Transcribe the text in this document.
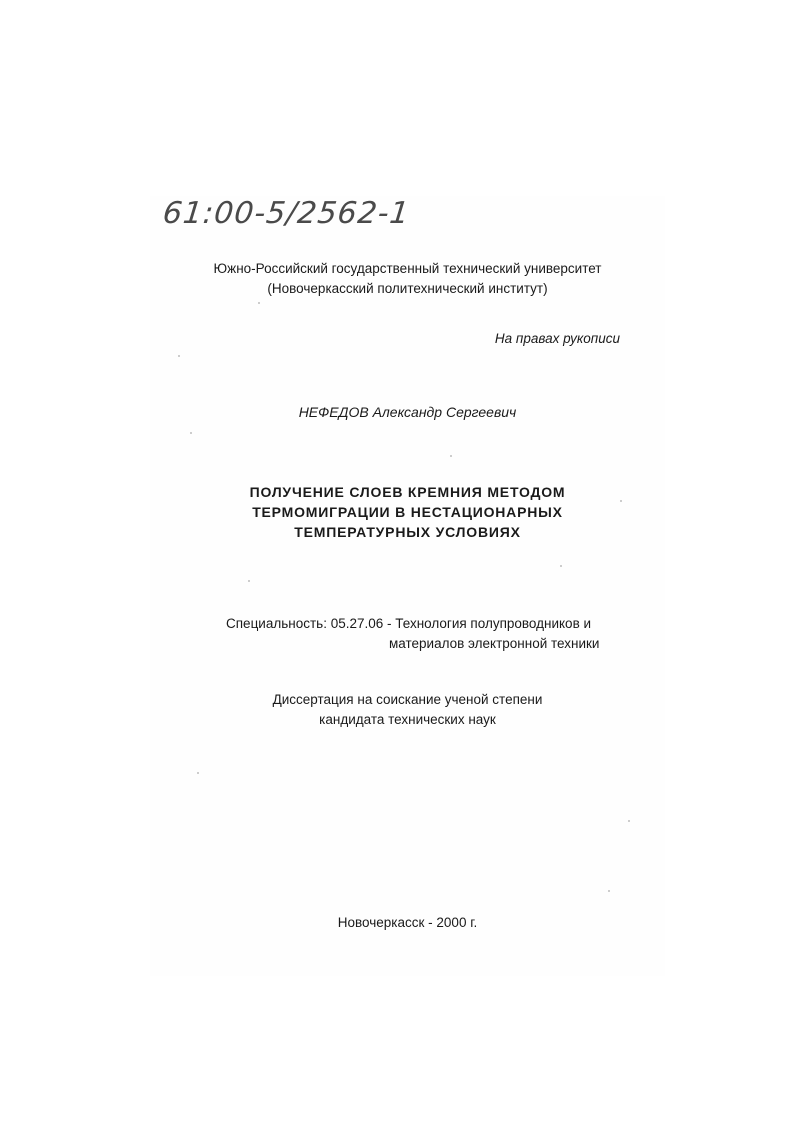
61:00-5/2562-1
Южно-Российский государственный технический университет
(Новочеркасский политехнический институт)
На правах рукописи
НЕФЕДОВ Александр Сергеевич
ПОЛУЧЕНИЕ СЛОЕВ КРЕМНИЯ МЕТОДОМ
ТЕРМОМИГРАЦИИ В НЕСТАЦИОНАРНЫХ
ТЕМПЕРАТУРНЫХ УСЛОВИЯХ
Специальность: 05.27.06 - Технология полупроводников и
материалов электронной техники
Диссертация на соискание ученой степени
кандидата технических наук
Новочеркасск - 2000 г.
